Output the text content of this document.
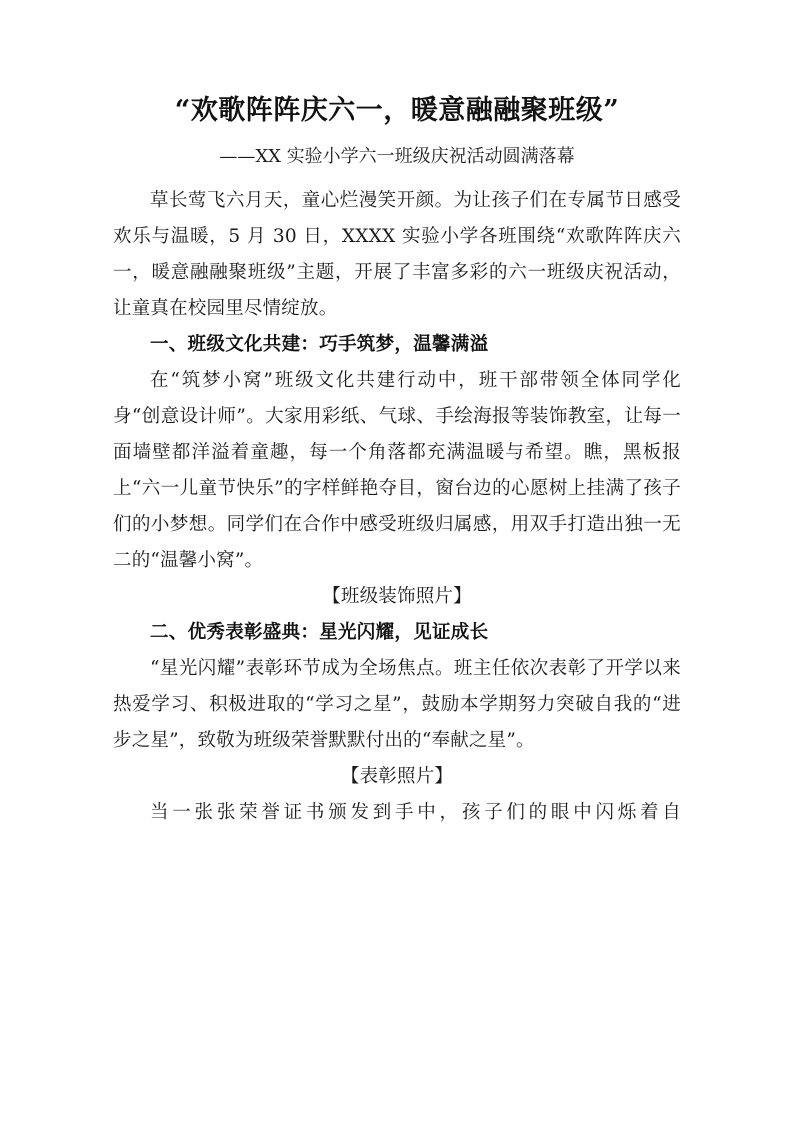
“欢歌阵阵庆六一，暖意融融聚班级”
——XX 实验小学六一班级庆祝活动圆满落幕

草长莺飞六月天，童心烂漫笑开颜。为让孩子们在专属节日感受欢乐与温暖，5 月 30 日，XXXX 实验小学各班围绕“欢歌阵阵庆六一，暖意融融聚班级”主题，开展了丰富多彩的六一班级庆祝活动，让童真在校园里尽情绽放。

一、班级文化共建：巧手筑梦，温馨满溢

在“筑梦小窝”班级文化共建行动中，班干部带领全体同学化身“创意设计师”。大家用彩纸、气球、手绘海报等装饰教室，让每一面墙壁都洋溢着童趣，每一个角落都充满温暖与希望。瞧，黑板报上“六一儿童节快乐”的字样鲜艳夺目，窗台边的心愿树上挂满了孩子们的小梦想。同学们在合作中感受班级归属感，用双手打造出独一无二的“温馨小窝”。

【班级装饰照片】

二、优秀表彰盛典：星光闪耀，见证成长

“星光闪耀”表彰环节成为全场焦点。班主任依次表彰了开学以来热爱学习、积极进取的“学习之星”，鼓励本学期努力突破自我的“进步之星”，致敬为班级荣誉默默付出的“奉献之星”。

【表彰照片】

当一张张荣誉证书颁发到手中，孩子们的眼中闪烁着自
